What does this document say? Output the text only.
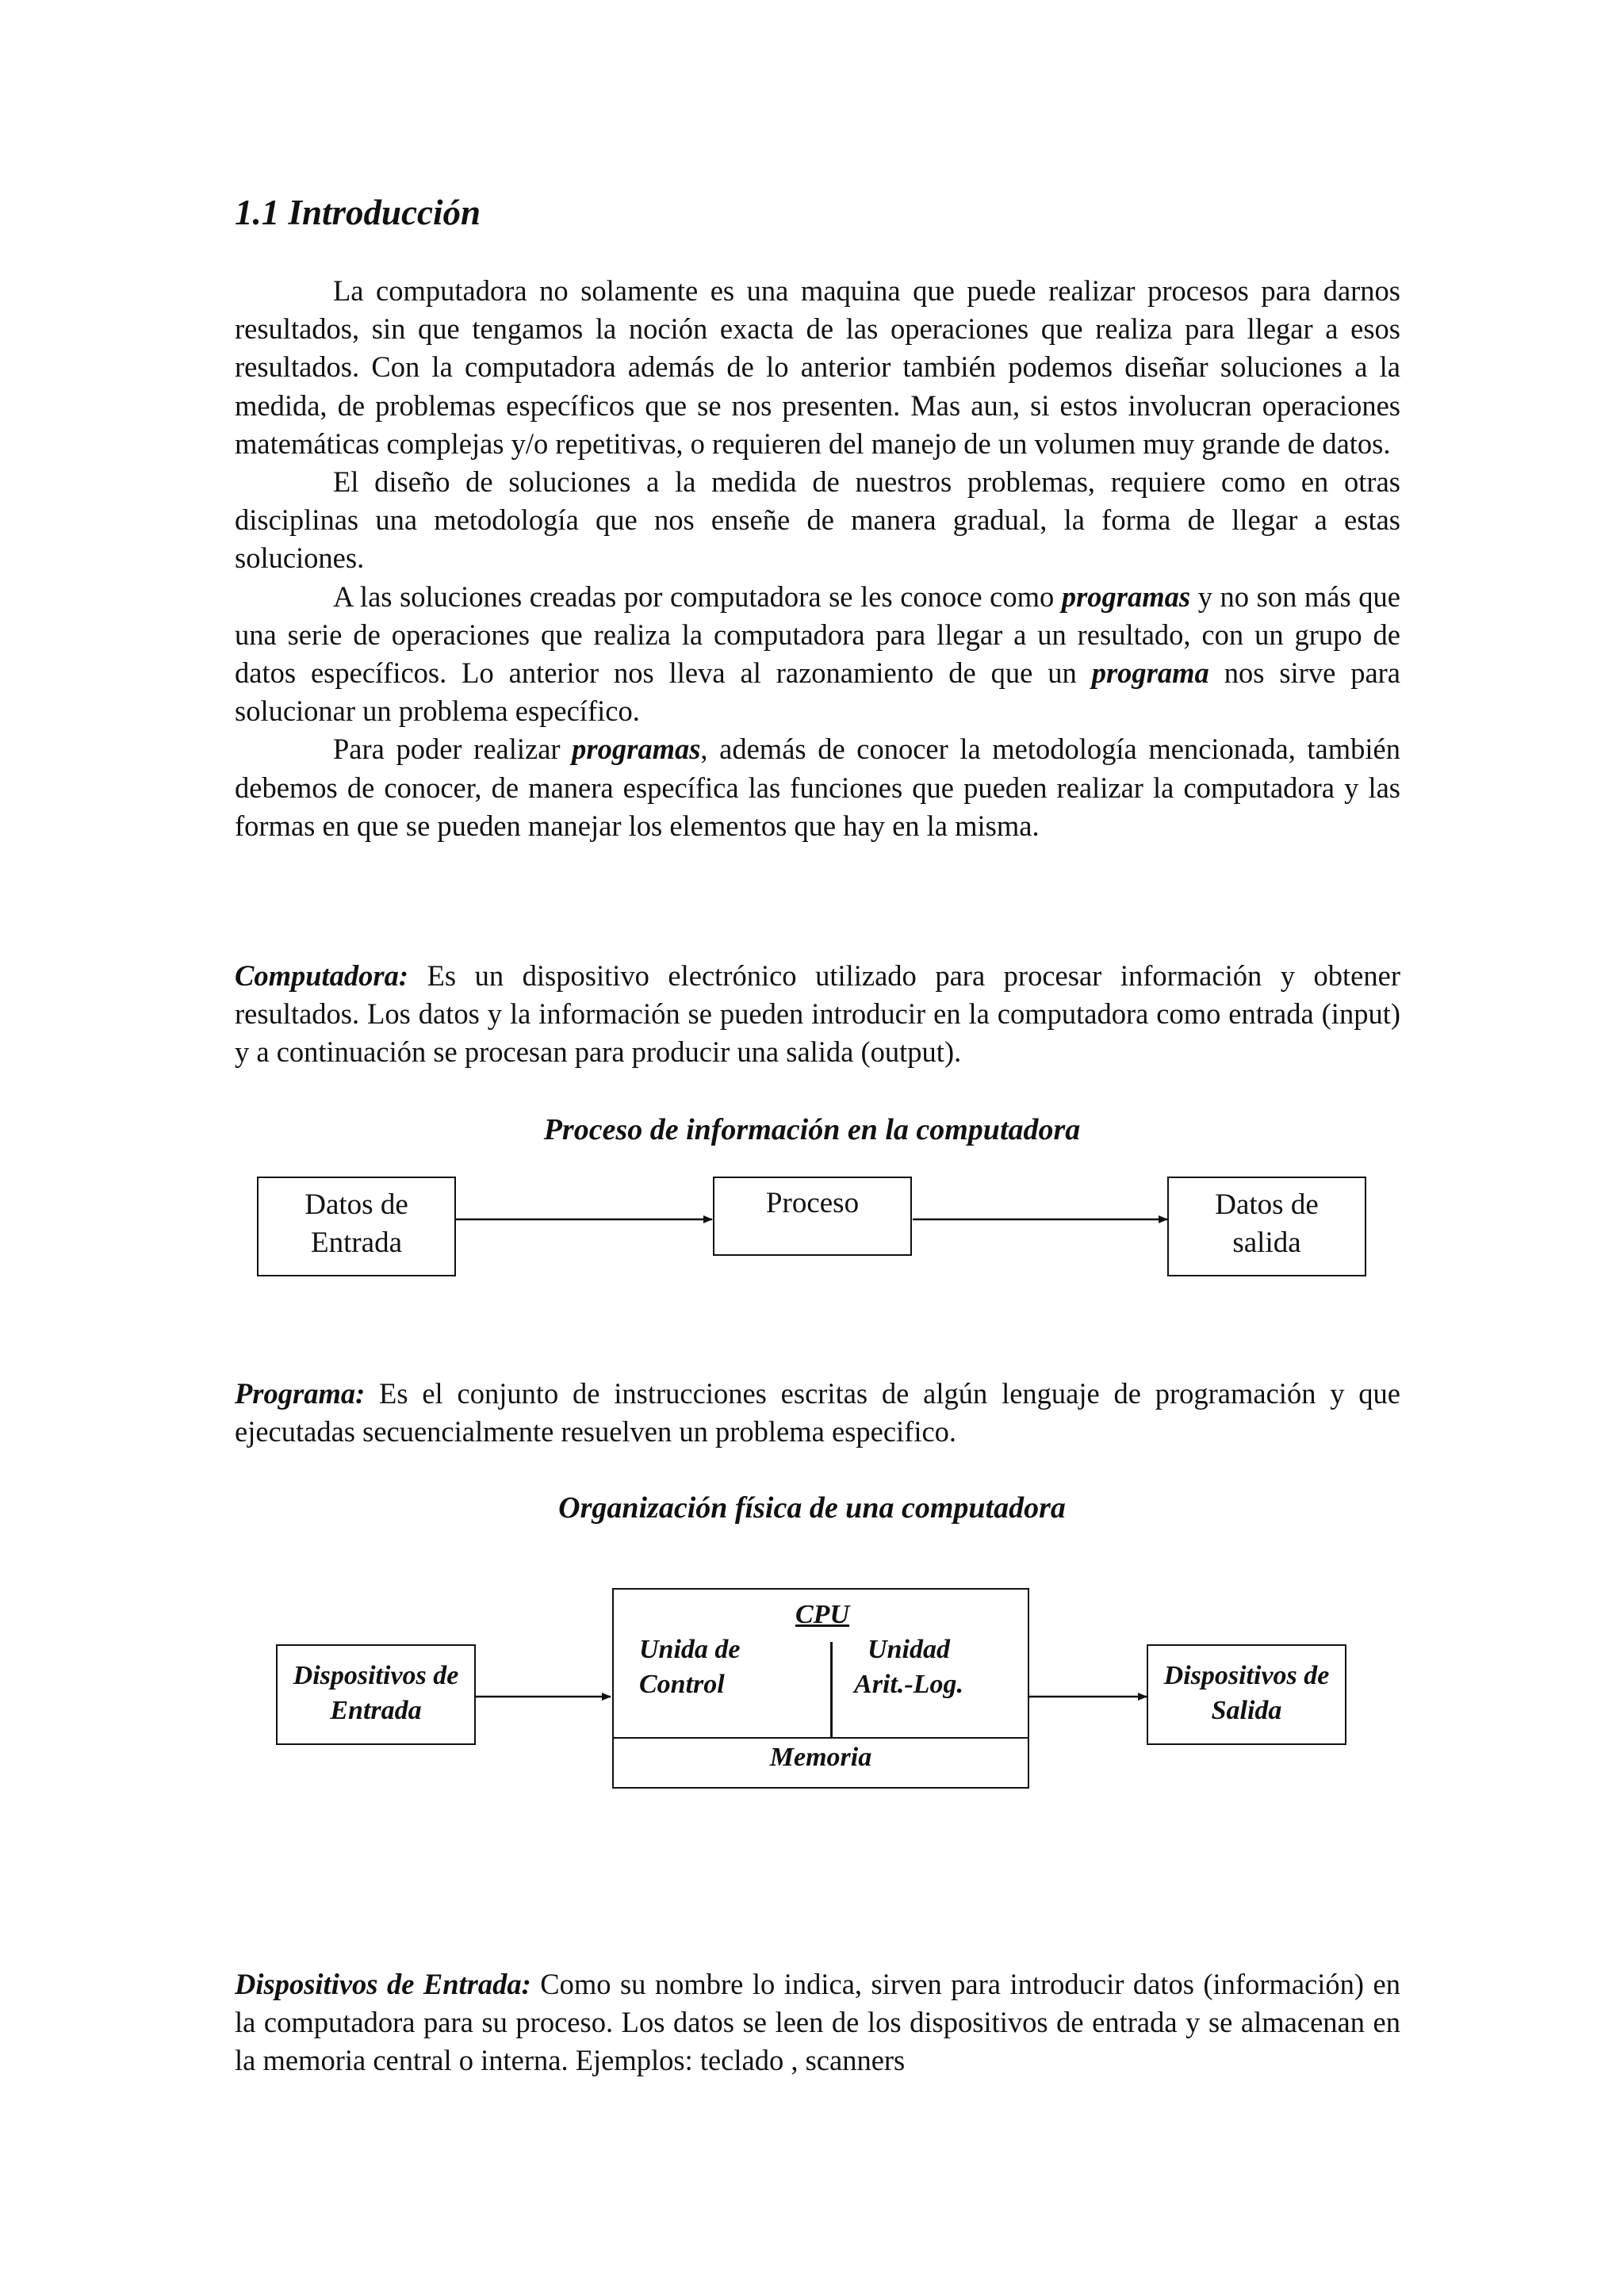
1.1 Introducción

La computadora no solamente es una maquina que puede realizar procesos para darnos resultados, sin que tengamos la noción exacta de las operaciones que realiza para llegar a esos resultados. Con la computadora además de lo anterior también podemos diseñar soluciones a la medida, de problemas específicos que se nos presenten. Mas aun, si estos involucran operaciones matemáticas complejas y/o repetitivas, o requieren del manejo de un volumen muy grande de datos.

El diseño de soluciones a la medida de nuestros problemas, requiere como en otras disciplinas una metodología que nos enseñe de manera gradual, la forma de llegar a estas soluciones.

A las soluciones creadas por computadora se les conoce como programas y no son más que una serie de operaciones que realiza la computadora para llegar a un resultado, con un grupo de datos específicos. Lo anterior nos lleva al razonamiento de que un programa nos sirve para solucionar un problema específico.

Para poder realizar programas, además de conocer la metodología mencionada, también debemos de conocer, de manera específica las funciones que pueden realizar la computadora y las formas en que se pueden manejar los elementos que hay en la misma.

Computadora: Es un dispositivo electrónico utilizado para procesar información y obtener resultados. Los datos y la información se pueden introducir en la computadora como entrada (input) y a continuación se procesan para producir una salida (output).

Proceso de información en la computadora

Datos de
Entrada
Proceso	Datos de
salida

Programa: Es el conjunto de instrucciones escritas de algún lenguaje de programación y que ejecutadas secuencialmente resuelven un problema especifico.

Organización física de una computadora

Dispositivos de
Entrada
CPU
Unida de
Control
Unidad
Arit.-Log.
Memoria
Dispositivos de
Salida

Dispositivos de Entrada: Como su nombre lo indica, sirven para introducir datos (información) en la computadora para su proceso. Los datos se leen de los dispositivos de entrada y se almacenan en la memoria central o interna. Ejemplos: teclado , scanners
